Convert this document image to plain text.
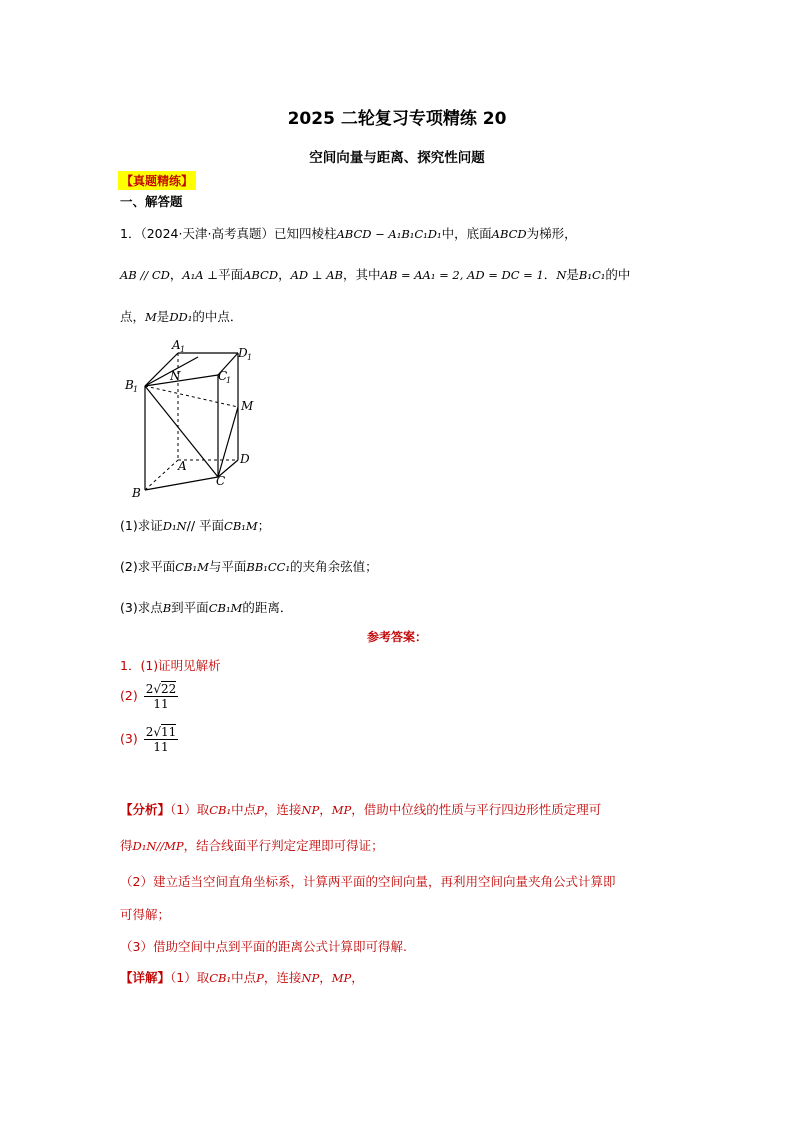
2025 二轮复习专项精练 20
空间向量与距离、探究性问题
【真题精练】
一、解答题
1．（2024·天津·高考真题）已知四棱柱ABCD − A₁B₁C₁D₁中，底面ABCD为梯形，
AB // CD，A₁A ⊥平面ABCD，AD ⊥ AB，其中AB = AA₁ = 2, AD = DC = 1．N是B₁C₁的中
点，M是DD₁的中点．
A 1	D 1
N	C
1
B 1
M
A	D
B
C
(1)求证D₁N// 平面CB₁M；
(2)求平面CB₁M与平面BB₁CC₁的夹角余弦值；
(3)求点B到平面CB₁M的距离．
参考答案：
1．(1)证明见解析
$(2) \frac{2√22}{11}$
$(3) \frac{2√11}{11}$
【分析】（1）取CB₁中点P，连接NP，MP，借助中位线的性质与平行四边形性质定理可
得D₁N//MP，结合线面平行判定定理即可得证；
（2）建立适当空间直角坐标系，计算两平面的空间向量，再利用空间向量夹角公式计算即
可得解；
（3）借助空间中点到平面的距离公式计算即可得解.
【详解】（1）取CB₁中点P，连接NP，MP，
